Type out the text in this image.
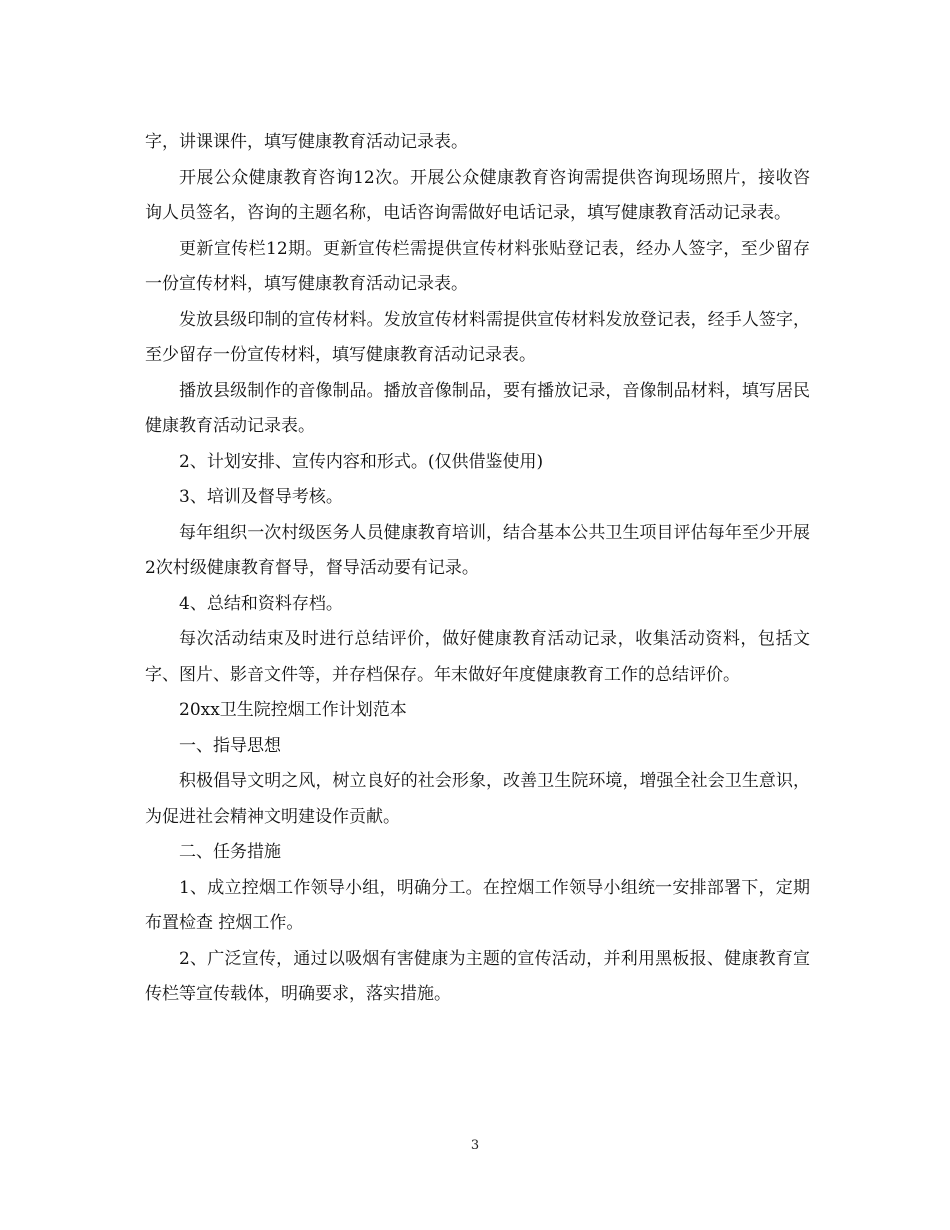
字，讲课课件，填写健康教育活动记录表。

开展公众健康教育咨询12次。开展公众健康教育咨询需提供咨询现场照片，接收咨询人员签名，咨询的主题名称，电话咨询需做好电话记录，填写健康教育活动记录表。

更新宣传栏12期。更新宣传栏需提供宣传材料张贴登记表，经办人签字，至少留存一份宣传材料，填写健康教育活动记录表。

发放县级印制的宣传材料。发放宣传材料需提供宣传材料发放登记表，经手人签字，至少留存一份宣传材料，填写健康教育活动记录表。

播放县级制作的音像制品。播放音像制品，要有播放记录，音像制品材料，填写居民健康教育活动记录表。

2、计划安排、宣传内容和形式。(仅供借鉴使用)

3、培训及督导考核。

每年组织一次村级医务人员健康教育培训，结合基本公共卫生项目评估每年至少开展2次村级健康教育督导，督导活动要有记录。

4、总结和资料存档。

每次活动结束及时进行总结评价，做好健康教育活动记录，收集活动资料，包括文字、图片、影音文件等，并存档保存。年末做好年度健康教育工作的总结评价。

20xx卫生院控烟工作计划范本

一、指导思想

积极倡导文明之风，树立良好的社会形象，改善卫生院环境，增强全社会卫生意识，为促进社会精神文明建设作贡献。

二、任务措施

1、成立控烟工作领导小组，明确分工。在控烟工作领导小组统一安排部署下，定期布置检查 控烟工作。

2、广泛宣传，通过以吸烟有害健康为主题的宣传活动，并利用黑板报、健康教育宣传栏等宣传载体，明确要求，落实措施。

3
